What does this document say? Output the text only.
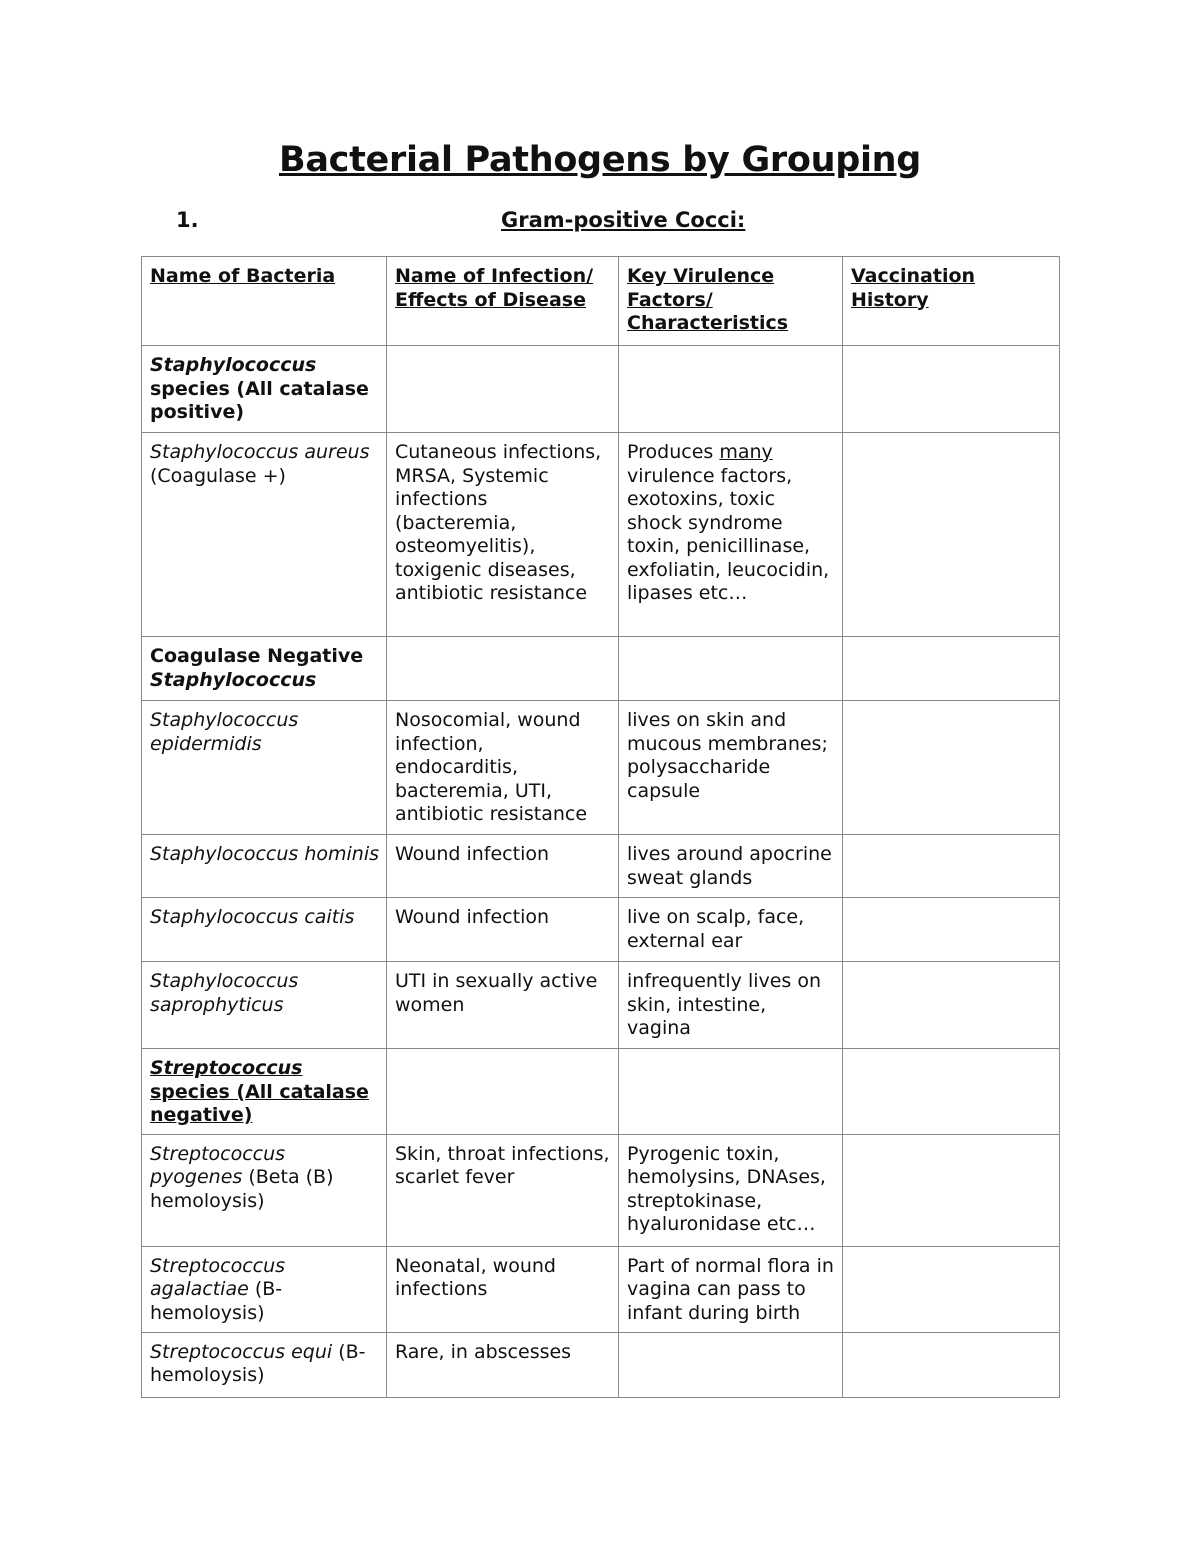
Bacterial Pathogens by Grouping
1.	Gram-positive Cocci:
Name of Bacteria	Name of Infection/ Effects of Disease	Key Virulence Factors/ Characteristics	Vaccination History
Staphylococcus species (All catalase positive)			
Staphylococcus aureus (Coagulase +)	Cutaneous infections, MRSA, Systemic infections (bacteremia, osteomyelitis), toxigenic diseases, antibiotic resistance	Produces many virulence factors, exotoxins, toxic shock syndrome toxin, penicillinase, exfoliatin, leucocidin, lipases etc…	
Coagulase Negative Staphylococcus			
Staphylococcus epidermidis	Nosocomial, wound infection, endocarditis, bacteremia, UTI, antibiotic resistance	lives on skin and mucous membranes; polysaccharide capsule	
Staphylococcus hominis	Wound infection	lives around apocrine sweat glands	
Staphylococcus caitis	Wound infection	live on scalp, face, external ear	
Staphylococcus saprophyticus	UTI in sexually active women	infrequently lives on skin, intestine, vagina	
Streptococcus species (All catalase negative)			
Streptococcus pyogenes (Beta (B) hemoloysis)	Skin, throat infections, scarlet fever	Pyrogenic toxin, hemolysins, DNAses, streptokinase, hyaluronidase etc…	
Streptococcus agalactiae (B-hemoloysis)	Neonatal, wound infections	Part of normal flora in vagina can pass to infant during birth	
Streptococcus equi (B-hemoloysis)	Rare, in abscesses		
